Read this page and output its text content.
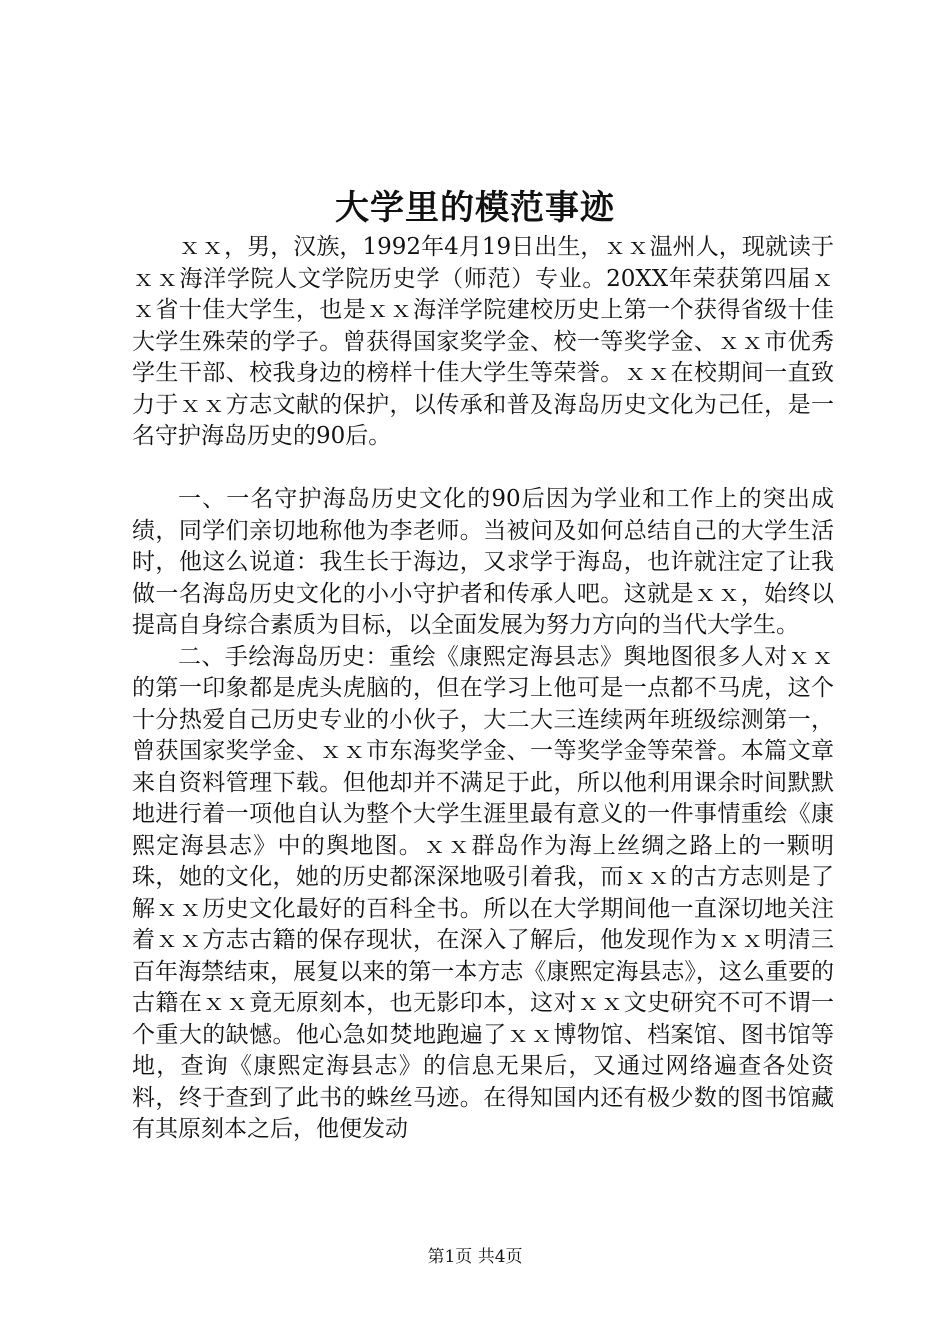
大学里的模范事迹

ｘｘ，男，汉族，1992年4月19日出生，ｘｘ温州人，现就读于ｘｘ海洋学院人文学院历史学（师范）专业。20XX年荣获第四届ｘｘ省十佳大学生，也是ｘｘ海洋学院建校历史上第一个获得省级十佳大学生殊荣的学子。曾获得国家奖学金、校一等奖学金、ｘｘ市优秀学生干部、校我身边的榜样十佳大学生等荣誉。ｘｘ在校期间一直致力于ｘｘ方志文献的保护，以传承和普及海岛历史文化为己任，是一名守护海岛历史的90后。

一、一名守护海岛历史文化的90后因为学业和工作上的突出成绩，同学们亲切地称他为李老师。当被问及如何总结自己的大学生活时，他这么说道：我生长于海边，又求学于海岛，也许就注定了让我做一名海岛历史文化的小小守护者和传承人吧。这就是ｘｘ，始终以提高自身综合素质为目标，以全面发展为努力方向的当代大学生。

二、手绘海岛历史：重绘《康熙定海县志》舆地图很多人对ｘｘ的第一印象都是虎头虎脑的，但在学习上他可是一点都不马虎，这个十分热爱自己历史专业的小伙子，大二大三连续两年班级综测第一，曾获国家奖学金、ｘｘ市东海奖学金、一等奖学金等荣誉。本篇文章来自资料管理下载。但他却并不满足于此，所以他利用课余时间默默地进行着一项他自认为整个大学生涯里最有意义的一件事情重绘《康熙定海县志》中的舆地图。ｘｘ群岛作为海上丝绸之路上的一颗明珠，她的文化，她的历史都深深地吸引着我，而ｘｘ的古方志则是了解ｘｘ历史文化最好的百科全书。所以在大学期间他一直深切地关注着ｘｘ方志古籍的保存现状，在深入了解后，他发现作为ｘｘ明清三百年海禁结束，展复以来的第一本方志《康熙定海县志》，这么重要的古籍在ｘｘ竟无原刻本，也无影印本，这对ｘｘ文史研究不可不谓一个重大的缺憾。他心急如焚地跑遍了ｘｘ博物馆、档案馆、图书馆等地，查询《康熙定海县志》的信息无果后，又通过网络遍查各处资料，终于查到了此书的蛛丝马迹。在得知国内还有极少数的图书馆藏有其原刻本之后，他便发动

第1页 共4页
